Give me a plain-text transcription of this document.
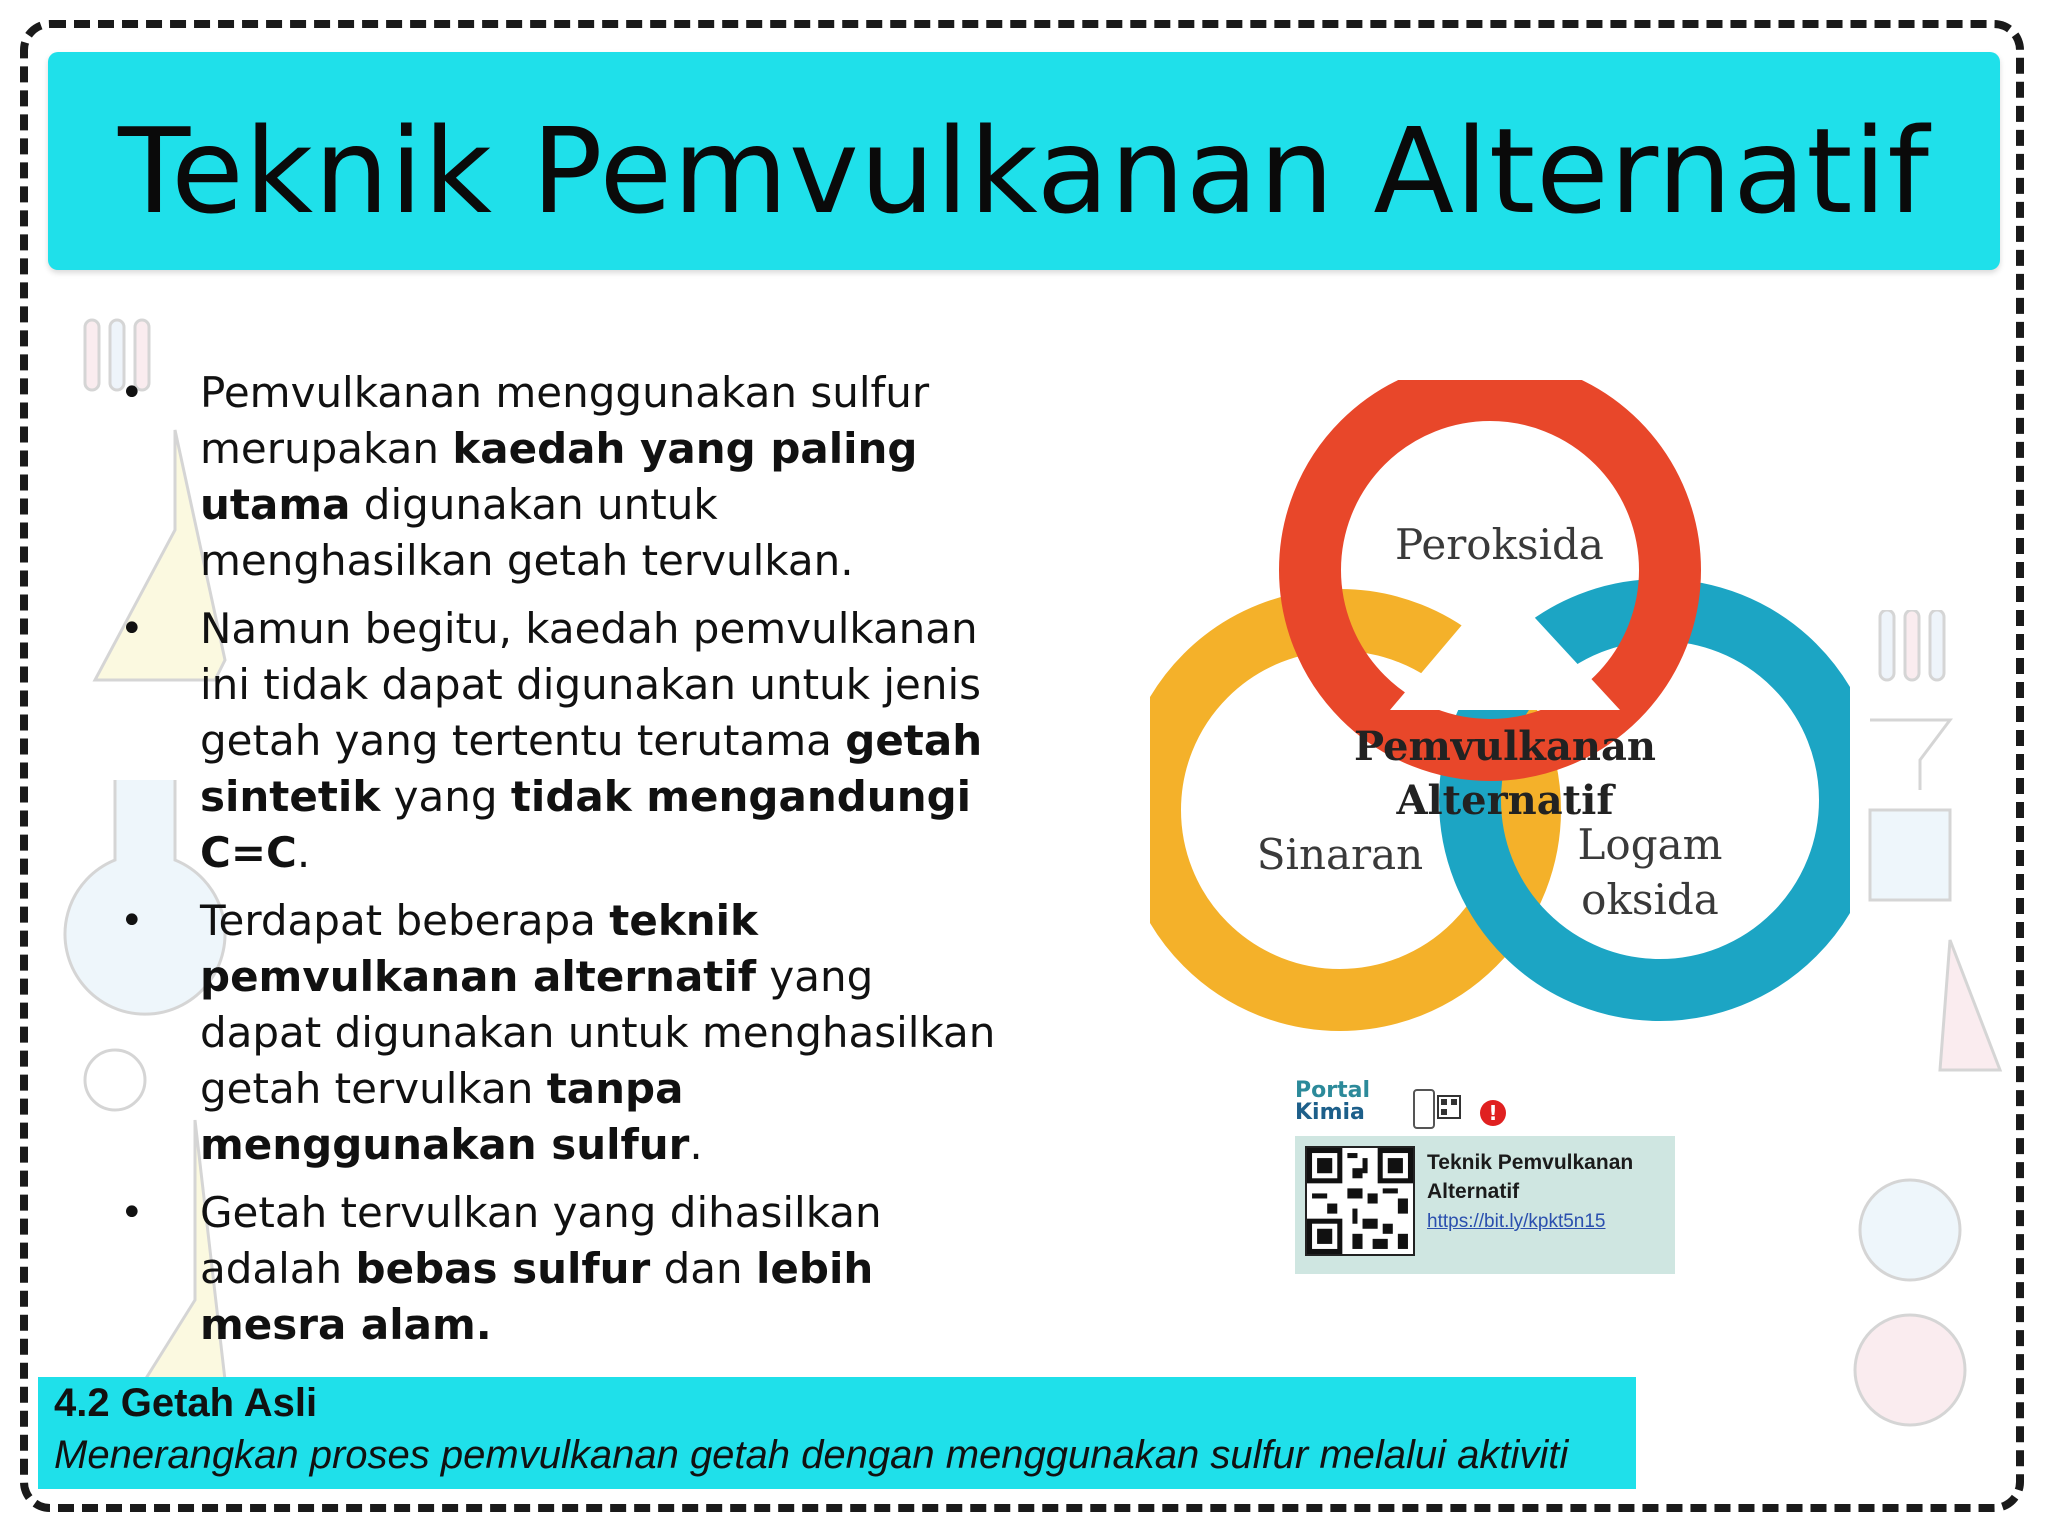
Teknik Pemvulkanan Alternatif
• Pemvulkanan menggunakan sulfur merupakan kaedah yang paling utama digunakan untuk menghasilkan getah tervulkan.
• Namun begitu, kaedah pemvulkanan ini tidak dapat digunakan untuk jenis getah yang tertentu terutama getah sintetik yang tidak mengandungi C=C.
• Terdapat beberapa teknik pemvulkanan alternatif yang dapat digunakan untuk menghasilkan getah tervulkan tanpa menggunakan sulfur.
• Getah tervulkan yang dihasilkan adalah bebas sulfur dan lebih mesra alam.
Peroksida
Sinaran	Logam
oksida
Pemvulkanan
Alternatif
Portal
Kimia	!
Teknik Pemvulkanan Alternatif
https://bit.ly/kpkt5n15
4.2 Getah Asli
Menerangkan proses pemvulkanan getah dengan menggunakan sulfur melalui aktiviti
